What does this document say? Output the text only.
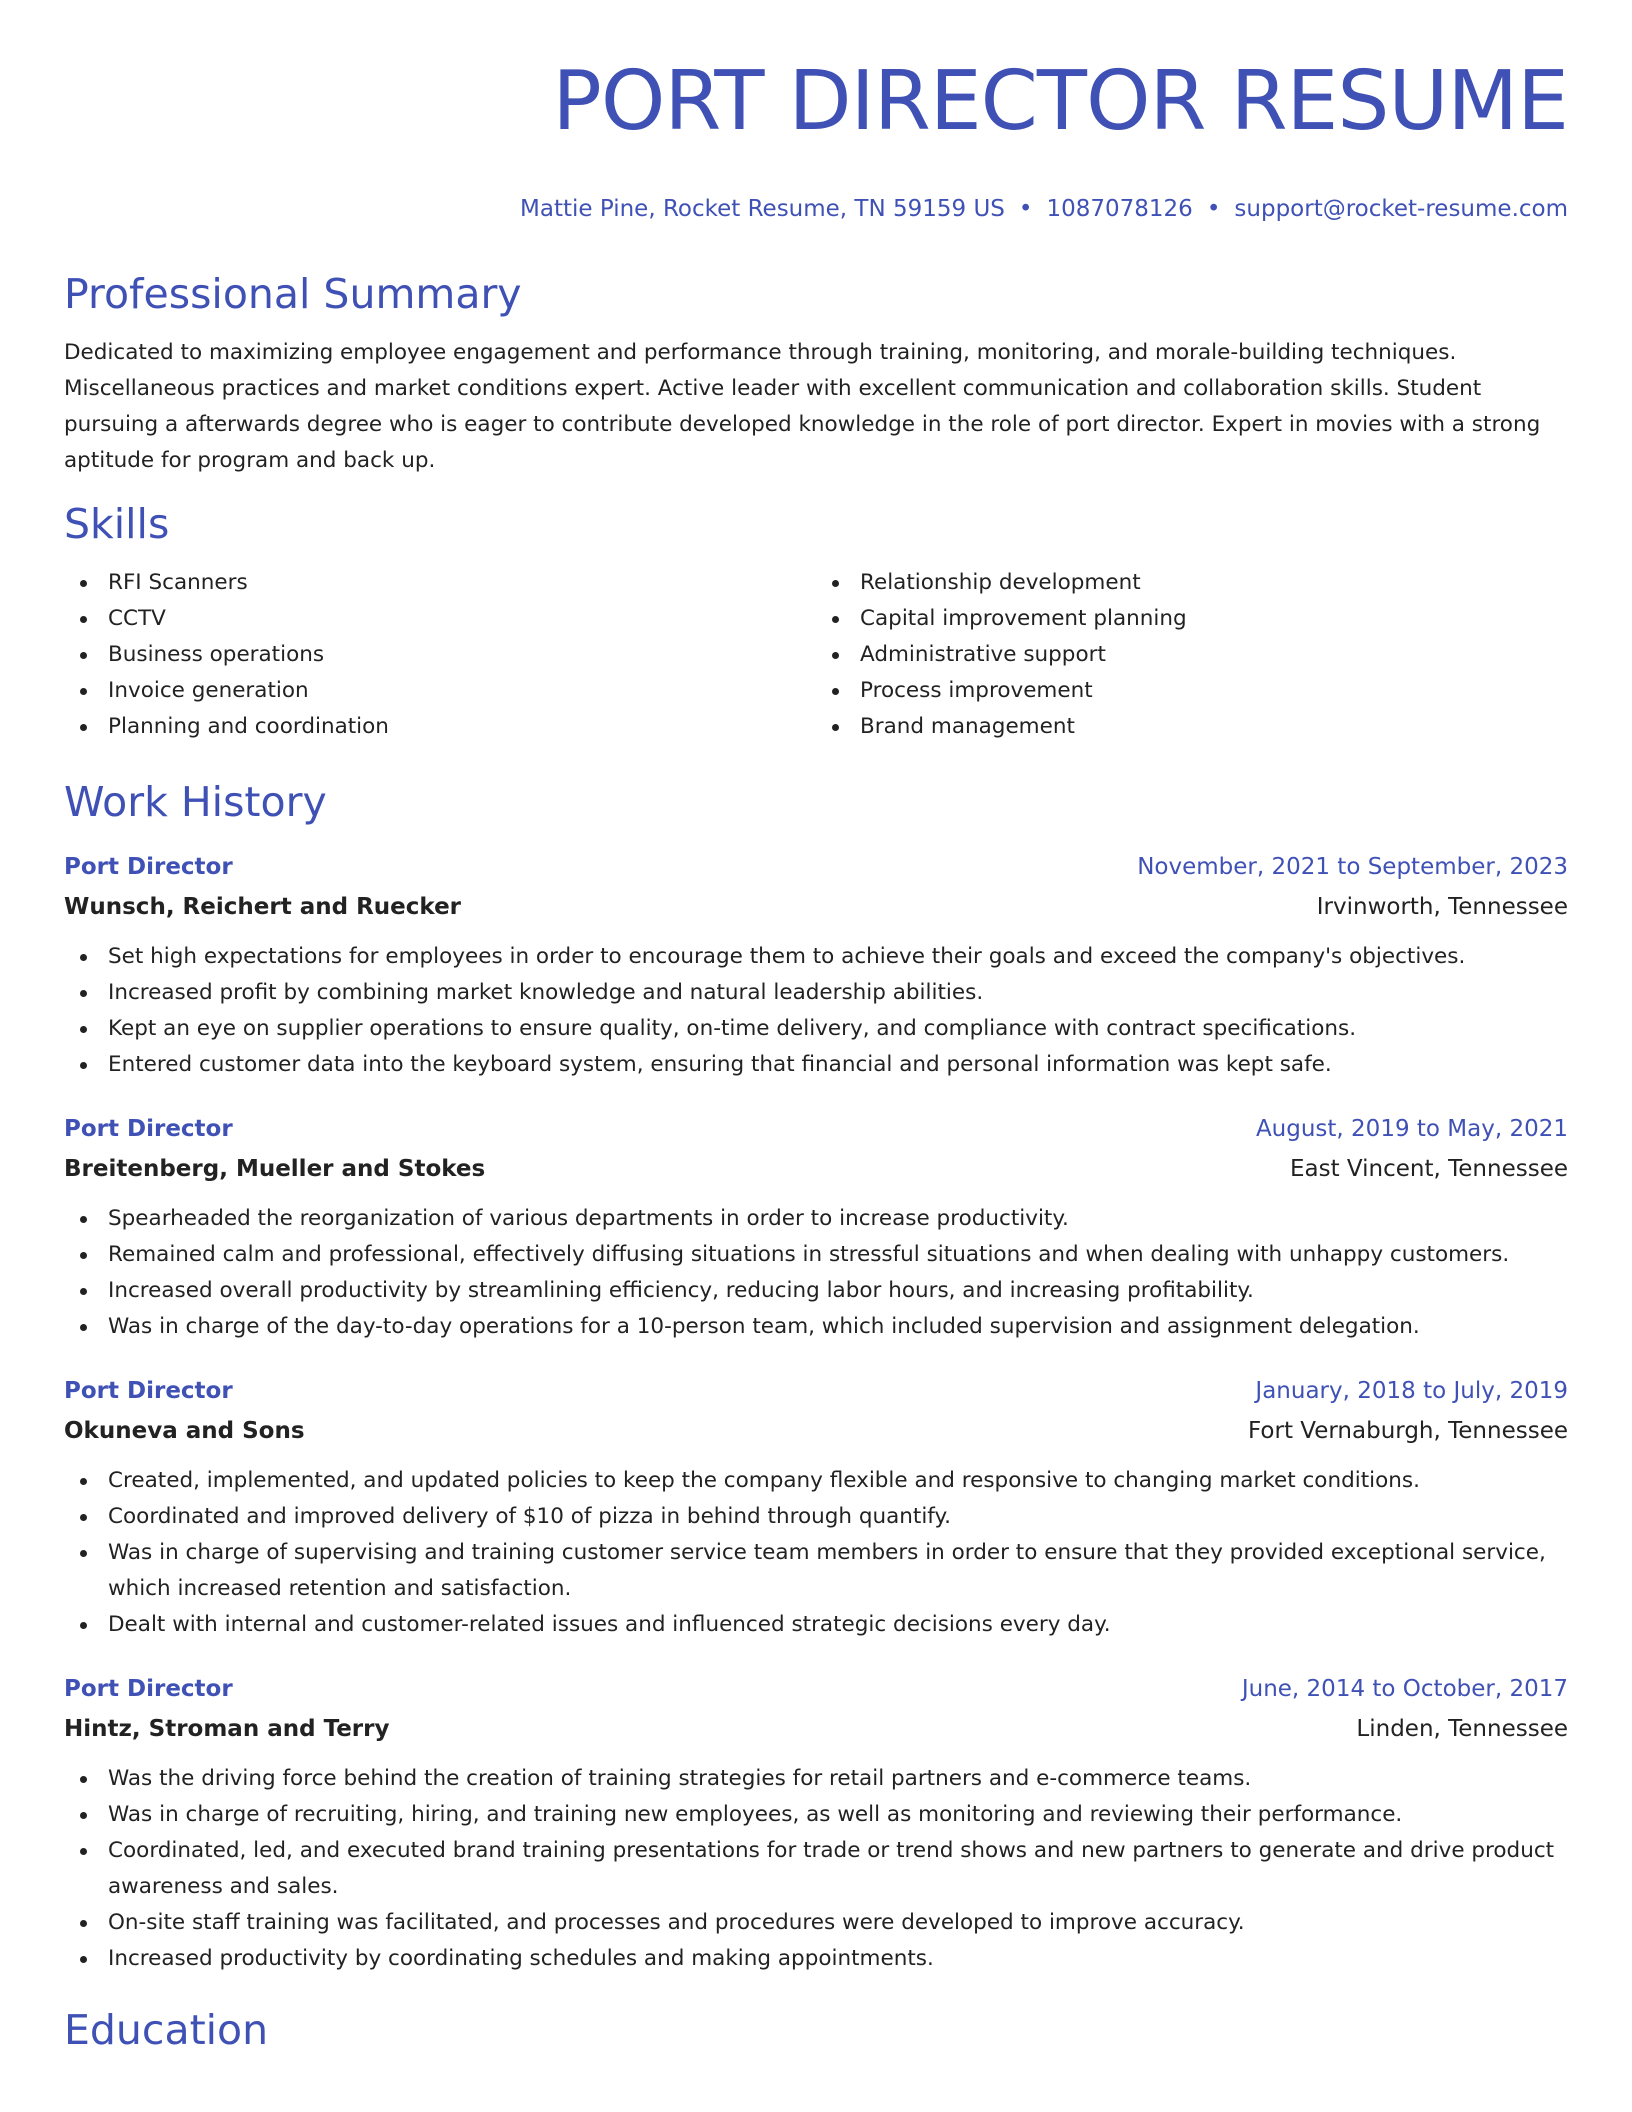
PORT DIRECTOR RESUME
Mattie Pine, Rocket Resume, TN 59159 US • 1087078126 • support@rocket-resume.com
Professional Summary

Dedicated to maximizing employee engagement and performance through training, monitoring, and morale-building techniques. Miscellaneous practices and market conditions expert. Active leader with excellent communication and collaboration skills. Student pursuing a afterwards degree who is eager to contribute developed knowledge in the role of port director. Expert in movies with a strong aptitude for program and back up.

Skills
RFI Scanners
CCTV
Business operations
Invoice generation
Planning and coordination
Relationship development
Capital improvement planning
Administrative support
Process improvement
Brand management
Work History
Port Director	November, 2021 to September, 2023
Wunsch, Reichert and Ruecker	Irvinworth, Tennessee
Set high expectations for employees in order to encourage them to achieve their goals and exceed the company's objectives.
Increased profit by combining market knowledge and natural leadership abilities.
Kept an eye on supplier operations to ensure quality, on-time delivery, and compliance with contract specifications.
Entered customer data into the keyboard system, ensuring that financial and personal information was kept safe.
Port Director	August, 2019 to May, 2021
Breitenberg, Mueller and Stokes	East Vincent, Tennessee
Spearheaded the reorganization of various departments in order to increase productivity.
Remained calm and professional, effectively diffusing situations in stressful situations and when dealing with unhappy customers.
Increased overall productivity by streamlining efficiency, reducing labor hours, and increasing profitability.
Was in charge of the day-to-day operations for a 10-person team, which included supervision and assignment delegation.
Port Director	January, 2018 to July, 2019
Okuneva and Sons	Fort Vernaburgh, Tennessee
Created, implemented, and updated policies to keep the company flexible and responsive to changing market conditions.
Coordinated and improved delivery of $10 of pizza in behind through quantify.
Was in charge of supervising and training customer service team members in order to ensure that they provided exceptional service, which increased retention and satisfaction.
Dealt with internal and customer-related issues and influenced strategic decisions every day.
Port Director	June, 2014 to October, 2017
Hintz, Stroman and Terry	Linden, Tennessee
Was the driving force behind the creation of training strategies for retail partners and e-commerce teams.
Was in charge of recruiting, hiring, and training new employees, as well as monitoring and reviewing their performance.
Coordinated, led, and executed brand training presentations for trade or trend shows and new partners to generate and drive product awareness and sales.
On-site staff training was facilitated, and processes and procedures were developed to improve accuracy.
Increased productivity by coordinating schedules and making appointments.
Education
